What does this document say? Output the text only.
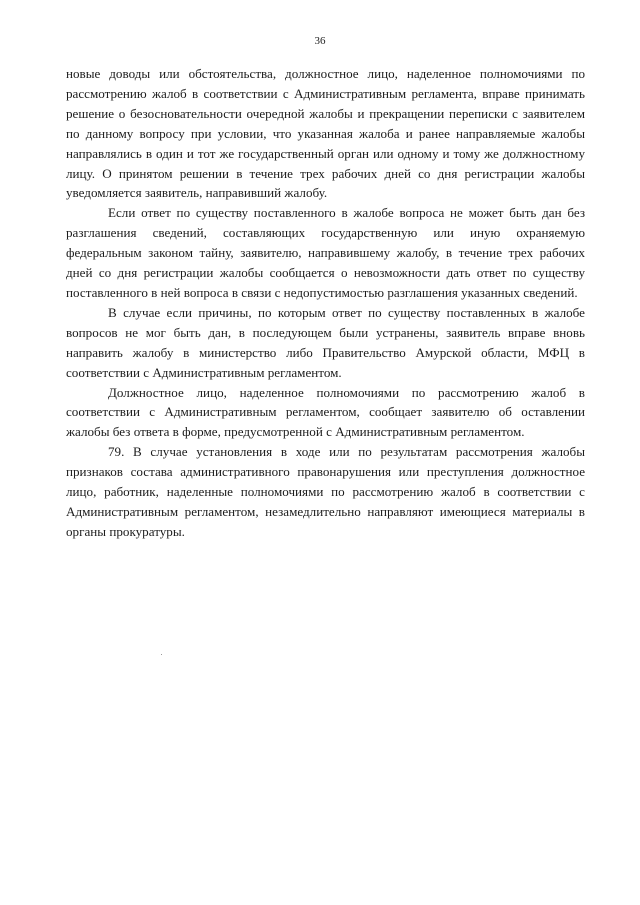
36

новые доводы или обстоятельства, должностное лицо, наделенное полномочиями по рассмотрению жалоб в соответствии с Административным регламента, вправе принимать решение о безосновательности очередной жалобы и прекращении переписки с заявителем по данному вопросу при условии, что указанная жалоба и ранее направляемые жалобы направлялись в один и тот же государственный орган или одному и тому же должностному лицу. О принятом решении в течение трех рабочих дней со дня регистрации жалобы уведомляется заявитель, направивший жалобу.

Если ответ по существу поставленного в жалобе вопроса не может быть дан без разглашения сведений, составляющих государственную или иную охраняемую федеральным законом тайну, заявителю, направившему жалобу, в течение трех рабочих дней со дня регистрации жалобы сообщается о невозможности дать ответ по существу поставленного в ней вопроса в связи с недопустимостью разглашения указанных сведений.

В случае если причины, по которым ответ по существу поставленных в жалобе вопросов не мог быть дан, в последующем были устранены, заявитель вправе вновь направить жалобу в министерство либо Правительство Амурской области, МФЦ в соответствии с Административным регламентом.

Должностное лицо, наделенное полномочиями по рассмотрению жалоб в соответствии с Административным регламентом, сообщает заявителю об оставлении жалобы без ответа в форме, предусмотренной с Административным регламентом.

79. В случае установления в ходе или по результатам рассмотрения жалобы признаков состава административного правонарушения или преступления должностное лицо, работник, наделенные полномочиями по рассмотрению жалоб в соответствии с Административным регламентом, незамедлительно направляют имеющиеся материалы в органы прокуратуры.
